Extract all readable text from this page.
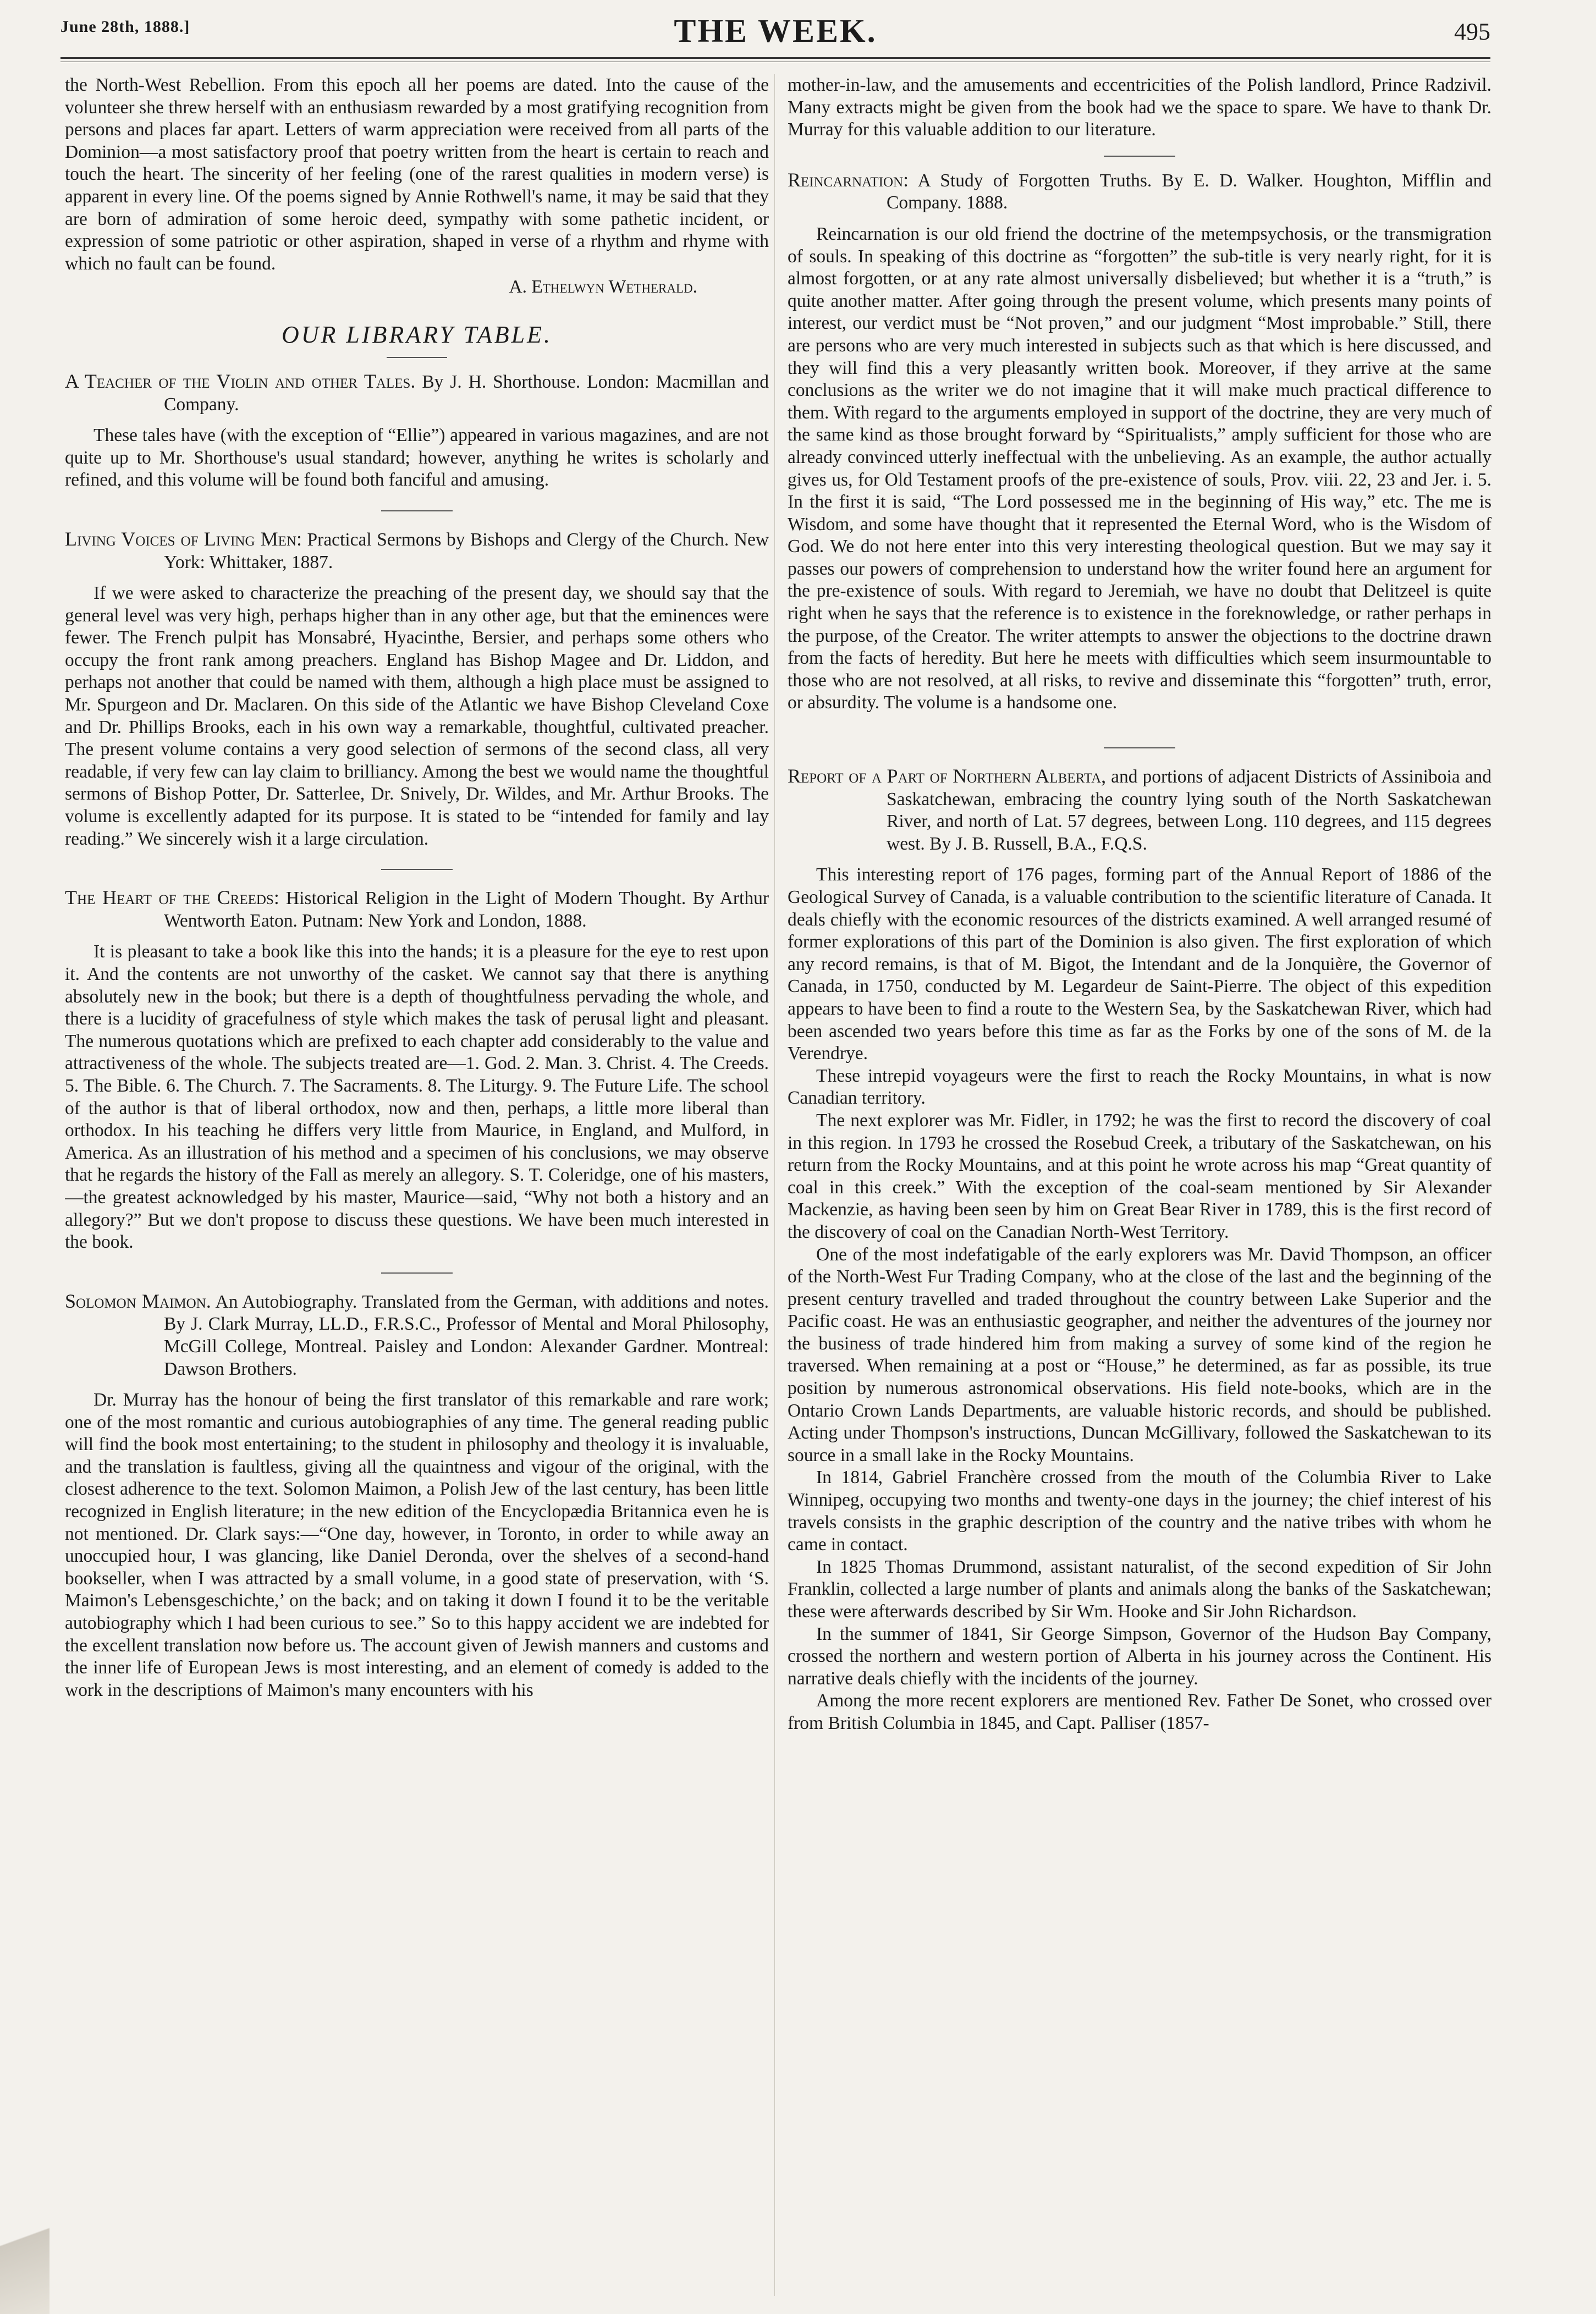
June 28th, 1888.]	THE WEEK.	495

the North-West Rebellion. From this epoch all her poems are dated. Into the cause of the volunteer she threw herself with an enthusiasm rewarded by a most gratifying recognition from persons and places far apart. Letters of warm appreciation were received from all parts of the Dominion—a most satisfactory proof that poetry written from the heart is certain to reach and touch the heart. The sincerity of her feeling (one of the rarest qualities in modern verse) is apparent in every line. Of the poems signed by Annie Rothwell's name, it may be said that they are born of admiration of some heroic deed, sympathy with some pathetic incident, or expression of some patriotic or other aspiration, shaped in verse of a rhythm and rhyme with which no fault can be found.

A. Ethelwyn Wetherald.

OUR LIBRARY TABLE.

A Teacher of the Violin and other Tales. By J. H. Shorthouse. London: Macmillan and Company.

These tales have (with the exception of “Ellie”) appeared in various magazines, and are not quite up to Mr. Shorthouse's usual standard; however, anything he writes is scholarly and refined, and this volume will be found both fanciful and amusing.

Living Voices of Living Men: Practical Sermons by Bishops and Clergy of the Church. New York: Whittaker, 1887.

If we were asked to characterize the preaching of the present day, we should say that the general level was very high, perhaps higher than in any other age, but that the eminences were fewer. The French pulpit has Monsabré, Hyacinthe, Bersier, and perhaps some others who occupy the front rank among preachers. England has Bishop Magee and Dr. Liddon, and perhaps not another that could be named with them, although a high place must be assigned to Mr. Spurgeon and Dr. Maclaren. On this side of the Atlantic we have Bishop Cleveland Coxe and Dr. Phillips Brooks, each in his own way a remarkable, thoughtful, cultivated preacher. The present volume contains a very good selection of sermons of the second class, all very readable, if very few can lay claim to brilliancy. Among the best we would name the thoughtful sermons of Bishop Potter, Dr. Satterlee, Dr. Snively, Dr. Wildes, and Mr. Arthur Brooks. The volume is excellently adapted for its purpose. It is stated to be “intended for family and lay reading.” We sincerely wish it a large circulation.

The Heart of the Creeds: Historical Religion in the Light of Modern Thought. By Arthur Wentworth Eaton. Putnam: New York and London, 1888.

It is pleasant to take a book like this into the hands; it is a pleasure for the eye to rest upon it. And the contents are not unworthy of the casket. We cannot say that there is anything absolutely new in the book; but there is a depth of thoughtfulness pervading the whole, and there is a lucidity of gracefulness of style which makes the task of perusal light and pleasant. The numerous quotations which are prefixed to each chapter add considerably to the value and attractiveness of the whole. The subjects treated are—1. God. 2. Man. 3. Christ. 4. The Creeds. 5. The Bible. 6. The Church. 7. The Sacraments. 8. The Liturgy. 9. The Future Life. The school of the author is that of liberal orthodox, now and then, perhaps, a little more liberal than orthodox. In his teaching he differs very little from Maurice, in England, and Mulford, in America. As an illustration of his method and a specimen of his conclusions, we may observe that he regards the history of the Fall as merely an allegory. S. T. Coleridge, one of his masters,—the greatest acknowledged by his master, Maurice—said, “Why not both a history and an allegory?” But we don't propose to discuss these questions. We have been much interested in the book.

Solomon Maimon. An Autobiography. Translated from the German, with additions and notes. By J. Clark Murray, LL.D., F.R.S.C., Professor of Mental and Moral Philosophy, McGill College, Montreal. Paisley and London: Alexander Gardner. Montreal: Dawson Brothers.

Dr. Murray has the honour of being the first translator of this remarkable and rare work; one of the most romantic and curious autobiographies of any time. The general reading public will find the book most entertaining; to the student in philosophy and theology it is invaluable, and the translation is faultless, giving all the quaintness and vigour of the original, with the closest adherence to the text. Solomon Maimon, a Polish Jew of the last century, has been little recognized in English literature; in the new edition of the Encyclopædia Britannica even he is not mentioned. Dr. Clark says:—“One day, however, in Toronto, in order to while away an unoccupied hour, I was glancing, like Daniel Deronda, over the shelves of a second-hand bookseller, when I was attracted by a small volume, in a good state of preservation, with ‘S. Maimon's Lebensgeschichte,’ on the back; and on taking it down I found it to be the veritable autobiography which I had been curious to see.” So to this happy accident we are indebted for the excellent translation now before us. The account given of Jewish manners and customs and the inner life of European Jews is most interesting, and an element of comedy is added to the work in the descriptions of Maimon's many encounters with his

mother-in-law, and the amusements and eccentricities of the Polish landlord, Prince Radzivil. Many extracts might be given from the book had we the space to spare. We have to thank Dr. Murray for this valuable addition to our literature.

Reincarnation: A Study of Forgotten Truths. By E. D. Walker. Houghton, Mifflin and Company. 1888.

Reincarnation is our old friend the doctrine of the metempsychosis, or the transmigration of souls. In speaking of this doctrine as “forgotten” the sub-title is very nearly right, for it is almost forgotten, or at any rate almost universally disbelieved; but whether it is a “truth,” is quite another matter. After going through the present volume, which presents many points of interest, our verdict must be “Not proven,” and our judgment “Most improbable.” Still, there are persons who are very much interested in subjects such as that which is here discussed, and they will find this a very pleasantly written book. Moreover, if they arrive at the same conclusions as the writer we do not imagine that it will make much practical difference to them. With regard to the arguments employed in support of the doctrine, they are very much of the same kind as those brought forward by “Spiritualists,” amply sufficient for those who are already convinced utterly ineffectual with the unbelieving. As an example, the author actually gives us, for Old Testament proofs of the pre-existence of souls, Prov. viii. 22, 23 and Jer. i. 5. In the first it is said, “The Lord possessed me in the beginning of His way,” etc. The me is Wisdom, and some have thought that it represented the Eternal Word, who is the Wisdom of God. We do not here enter into this very interesting theological question. But we may say it passes our powers of comprehension to understand how the writer found here an argument for the pre-existence of souls. With regard to Jeremiah, we have no doubt that Delitzeel is quite right when he says that the reference is to existence in the foreknowledge, or rather perhaps in the purpose, of the Creator. The writer attempts to answer the objections to the doctrine drawn from the facts of heredity. But here he meets with difficulties which seem insurmountable to those who are not resolved, at all risks, to revive and disseminate this “forgotten” truth, error, or absurdity. The volume is a handsome one.

Report of a Part of Northern Alberta, and portions of adjacent Districts of Assiniboia and Saskatchewan, embracing the country lying south of the North Saskatchewan River, and north of Lat. 57 degrees, between Long. 110 degrees, and 115 degrees west. By J. B. Russell, B.A., F.Q.S.

This interesting report of 176 pages, forming part of the Annual Report of 1886 of the Geological Survey of Canada, is a valuable contribution to the scientific literature of Canada. It deals chiefly with the economic resources of the districts examined. A well arranged resumé of former explorations of this part of the Dominion is also given. The first exploration of which any record remains, is that of M. Bigot, the Intendant and de la Jonquière, the Governor of Canada, in 1750, conducted by M. Legardeur de Saint-Pierre. The object of this expedition appears to have been to find a route to the Western Sea, by the Saskatchewan River, which had been ascended two years before this time as far as the Forks by one of the sons of M. de la Verendrye.

These intrepid voyageurs were the first to reach the Rocky Mountains, in what is now Canadian territory.

The next explorer was Mr. Fidler, in 1792; he was the first to record the discovery of coal in this region. In 1793 he crossed the Rosebud Creek, a tributary of the Saskatchewan, on his return from the Rocky Mountains, and at this point he wrote across his map “Great quantity of coal in this creek.” With the exception of the coal-seam mentioned by Sir Alexander Mackenzie, as having been seen by him on Great Bear River in 1789, this is the first record of the discovery of coal on the Canadian North-West Territory.

One of the most indefatigable of the early explorers was Mr. David Thompson, an officer of the North-West Fur Trading Company, who at the close of the last and the beginning of the present century travelled and traded throughout the country between Lake Superior and the Pacific coast. He was an enthusiastic geographer, and neither the adventures of the journey nor the business of trade hindered him from making a survey of some kind of the region he traversed. When remaining at a post or “House,” he determined, as far as possible, its true position by numerous astronomical observations. His field note-books, which are in the Ontario Crown Lands Departments, are valuable historic records, and should be published. Acting under Thompson's instructions, Duncan McGillivary, followed the Saskatchewan to its source in a small lake in the Rocky Mountains.

In 1814, Gabriel Franchère crossed from the mouth of the Columbia River to Lake Winnipeg, occupying two months and twenty-one days in the journey; the chief interest of his travels consists in the graphic description of the country and the native tribes with whom he came in contact.

In 1825 Thomas Drummond, assistant naturalist, of the second expedition of Sir John Franklin, collected a large number of plants and animals along the banks of the Saskatchewan; these were afterwards described by Sir Wm. Hooke and Sir John Richardson.

In the summer of 1841, Sir George Simpson, Governor of the Hudson Bay Company, crossed the northern and western portion of Alberta in his journey across the Continent. His narrative deals chiefly with the incidents of the journey.

Among the more recent explorers are mentioned Rev. Father De Sonet, who crossed over from British Columbia in 1845, and Capt. Palliser (1857-
